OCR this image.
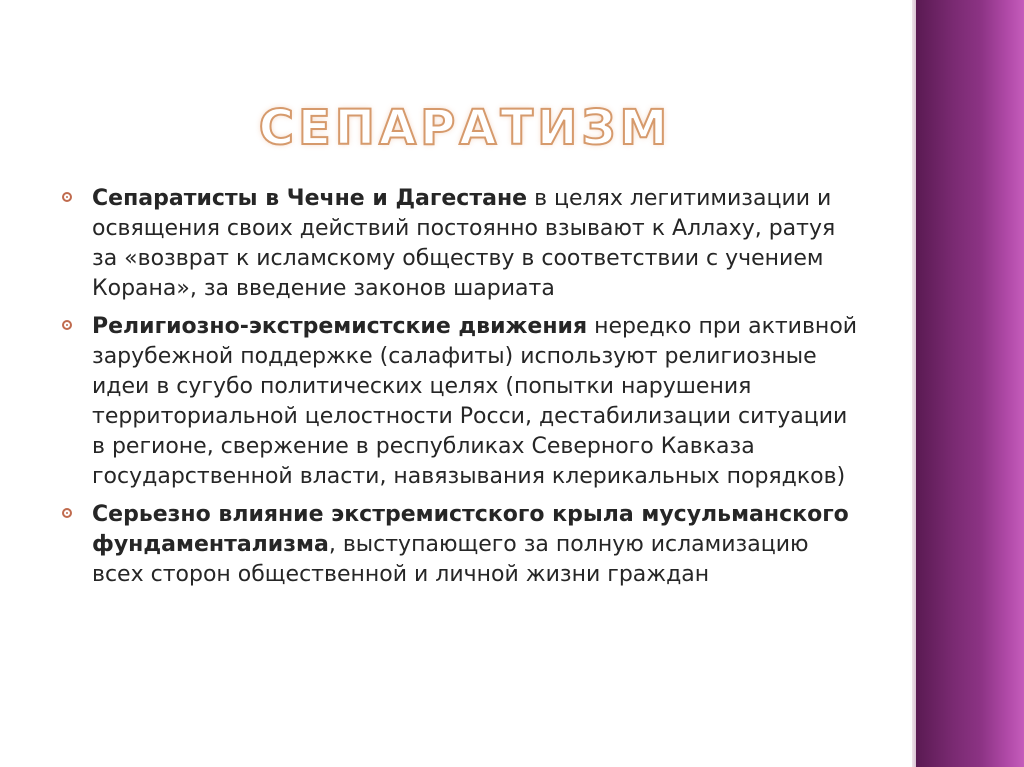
СЕПАРАТИЗМ
Сепаратисты в Чечне и Дагестане в целях легитимизации и освящения своих действий постоянно взывают к Аллаху, ратуя за «возврат к исламскому обществу в соответствии с учением Корана», за введение законов шариата
Религиозно-экстремистские движения нередко при активной зарубежной поддержке (салафиты) используют религиозные идеи в сугубо политических целях (попытки нарушения территориальной целостности Росси, дестабилизации ситуации в регионе, свержение в республиках Северного Кавказа государственной власти, навязывания клерикальных порядков)
Серьезно влияние экстремистского крыла мусульманского фундаментализма, выступающего за полную исламизацию всех сторон общественной и личной жизни граждан
